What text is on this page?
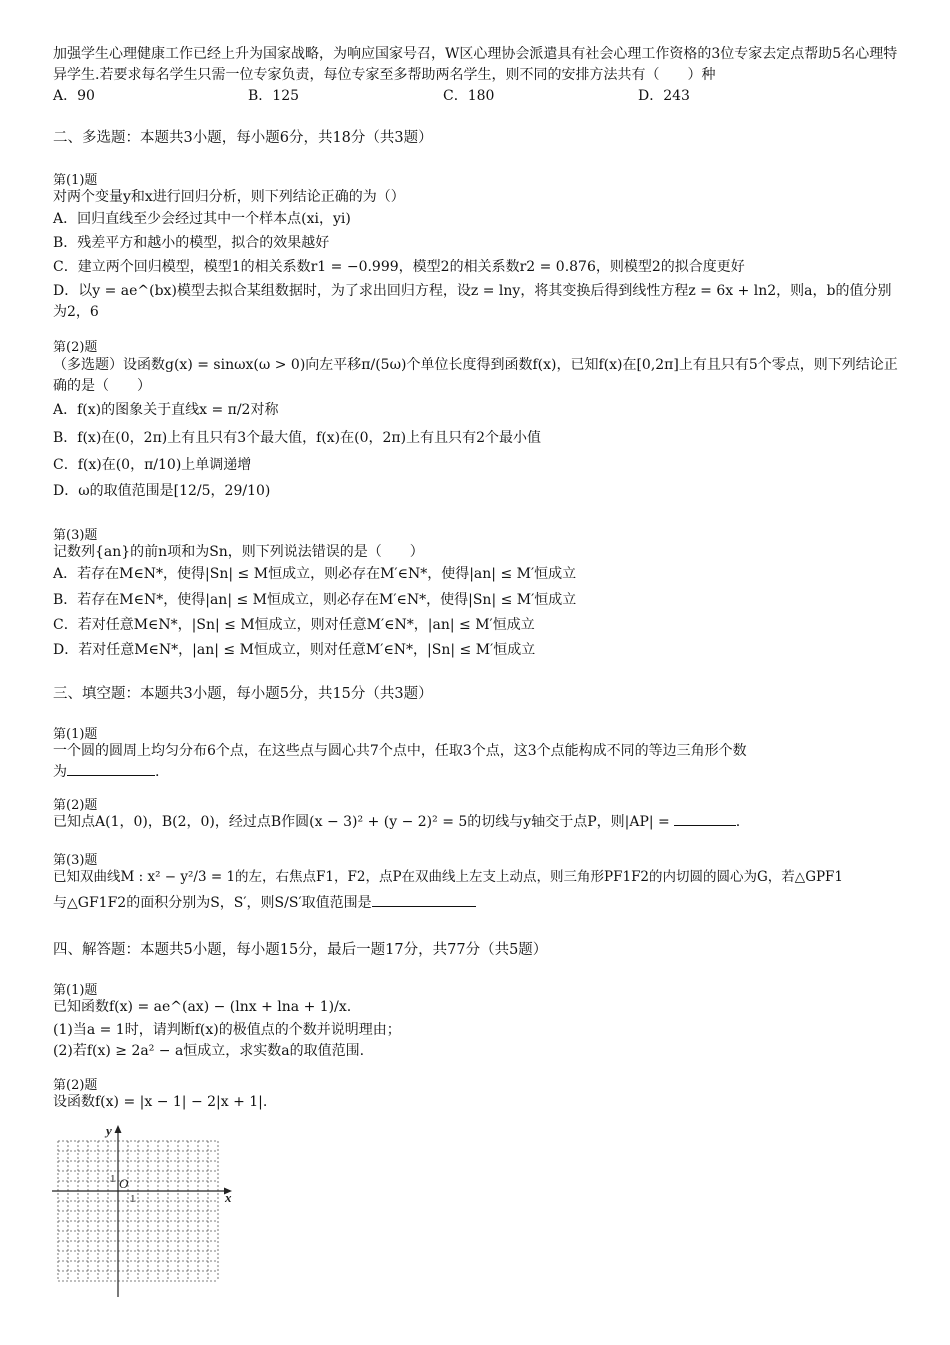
加强学生心理健康工作已经上升为国家战略，为响应国家号召，W区心理协会派遣具有社会心理工作资格的3位专家去定点帮助5名心理特异学生.若要求每名学生只需一位专家负责，每位专家至多帮助两名学生，则不同的安排方法共有（　　）种
A．90	B．125	C．180	D．243
二、多选题：本题共3小题，每小题6分，共18分（共3题）
第(1)题
对两个变量y和x进行回归分析，则下列结论正确的为（）
A．回归直线至少会经过其中一个样本点(xi，yi)
B．残差平方和越小的模型，拟合的效果越好
C．建立两个回归模型，模型1的相关系数r1 = −0.999，模型2的相关系数r2 = 0.876，则模型2的拟合度更好
D．以y = ae^(bx)模型去拟合某组数据时，为了求出回归方程，设z = lny，将其变换后得到线性方程z = 6x + ln2，则a，b的值分别为2，6
第(2)题
（多选题）设函数g(x) = sinωx(ω > 0)向左平移π/(5ω)个单位长度得到函数f(x)，已知f(x)在[0,2π]上有且只有5个零点，则下列结论正确的是（　　）
A．f(x)的图象关于直线x = π/2对称
B．f(x)在(0，2π)上有且只有3个最大值，f(x)在(0，2π)上有且只有2个最小值
C．f(x)在(0，π/10)上单调递增
D．ω的取值范围是[12/5，29/10)
第(3)题
记数列{an}的前n项和为Sn，则下列说法错误的是（　　）
A．若存在M∈N*，使得|Sn| ≤ M恒成立，则必存在M′∈N*，使得|an| ≤ M′恒成立
B．若存在M∈N*，使得|an| ≤ M恒成立，则必存在M′∈N*，使得|Sn| ≤ M′恒成立
C．若对任意M∈N*，|Sn| ≤ M恒成立，则对任意M′∈N*，|an| ≤ M′恒成立
D．若对任意M∈N*，|an| ≤ M恒成立，则对任意M′∈N*，|Sn| ≤ M′恒成立
三、填空题：本题共3小题，每小题5分，共15分（共3题）
第(1)题
一个圆的圆周上均匀分布6个点，在这些点与圆心共7个点中，任取3个点，这3个点能构成不同的等边三角形个数
为	.
第(2)题
已知点A(1，0)，B(2，0)，经过点B作圆(x − 3)² + (y − 2)² = 5的切线与y轴交于点P，则|AP| =	.
第(3)题
已知双曲线M : x² − y²/3 = 1的左，右焦点F1，F2，点P在双曲线上左支上动点，则三角形PF1F2的内切圆的圆心为G，若△GPF1
与△GF1F2的面积分别为S，S′，则S/S′取值范围是
四、解答题：本题共5小题，每小题15分，最后一题17分，共77分（共5题）
第(1)题
已知函数f(x) = ae^(ax) − (lnx + lna + 1)/x.
(1)当a = 1时，请判断f(x)的极值点的个数并说明理由；
(2)若f(x) ≥ 2a² − a恒成立，求实数a的取值范围.
第(2)题
设函数f(x) = |x − 1| − 2|x + 1|.
y
x
O
1
1
